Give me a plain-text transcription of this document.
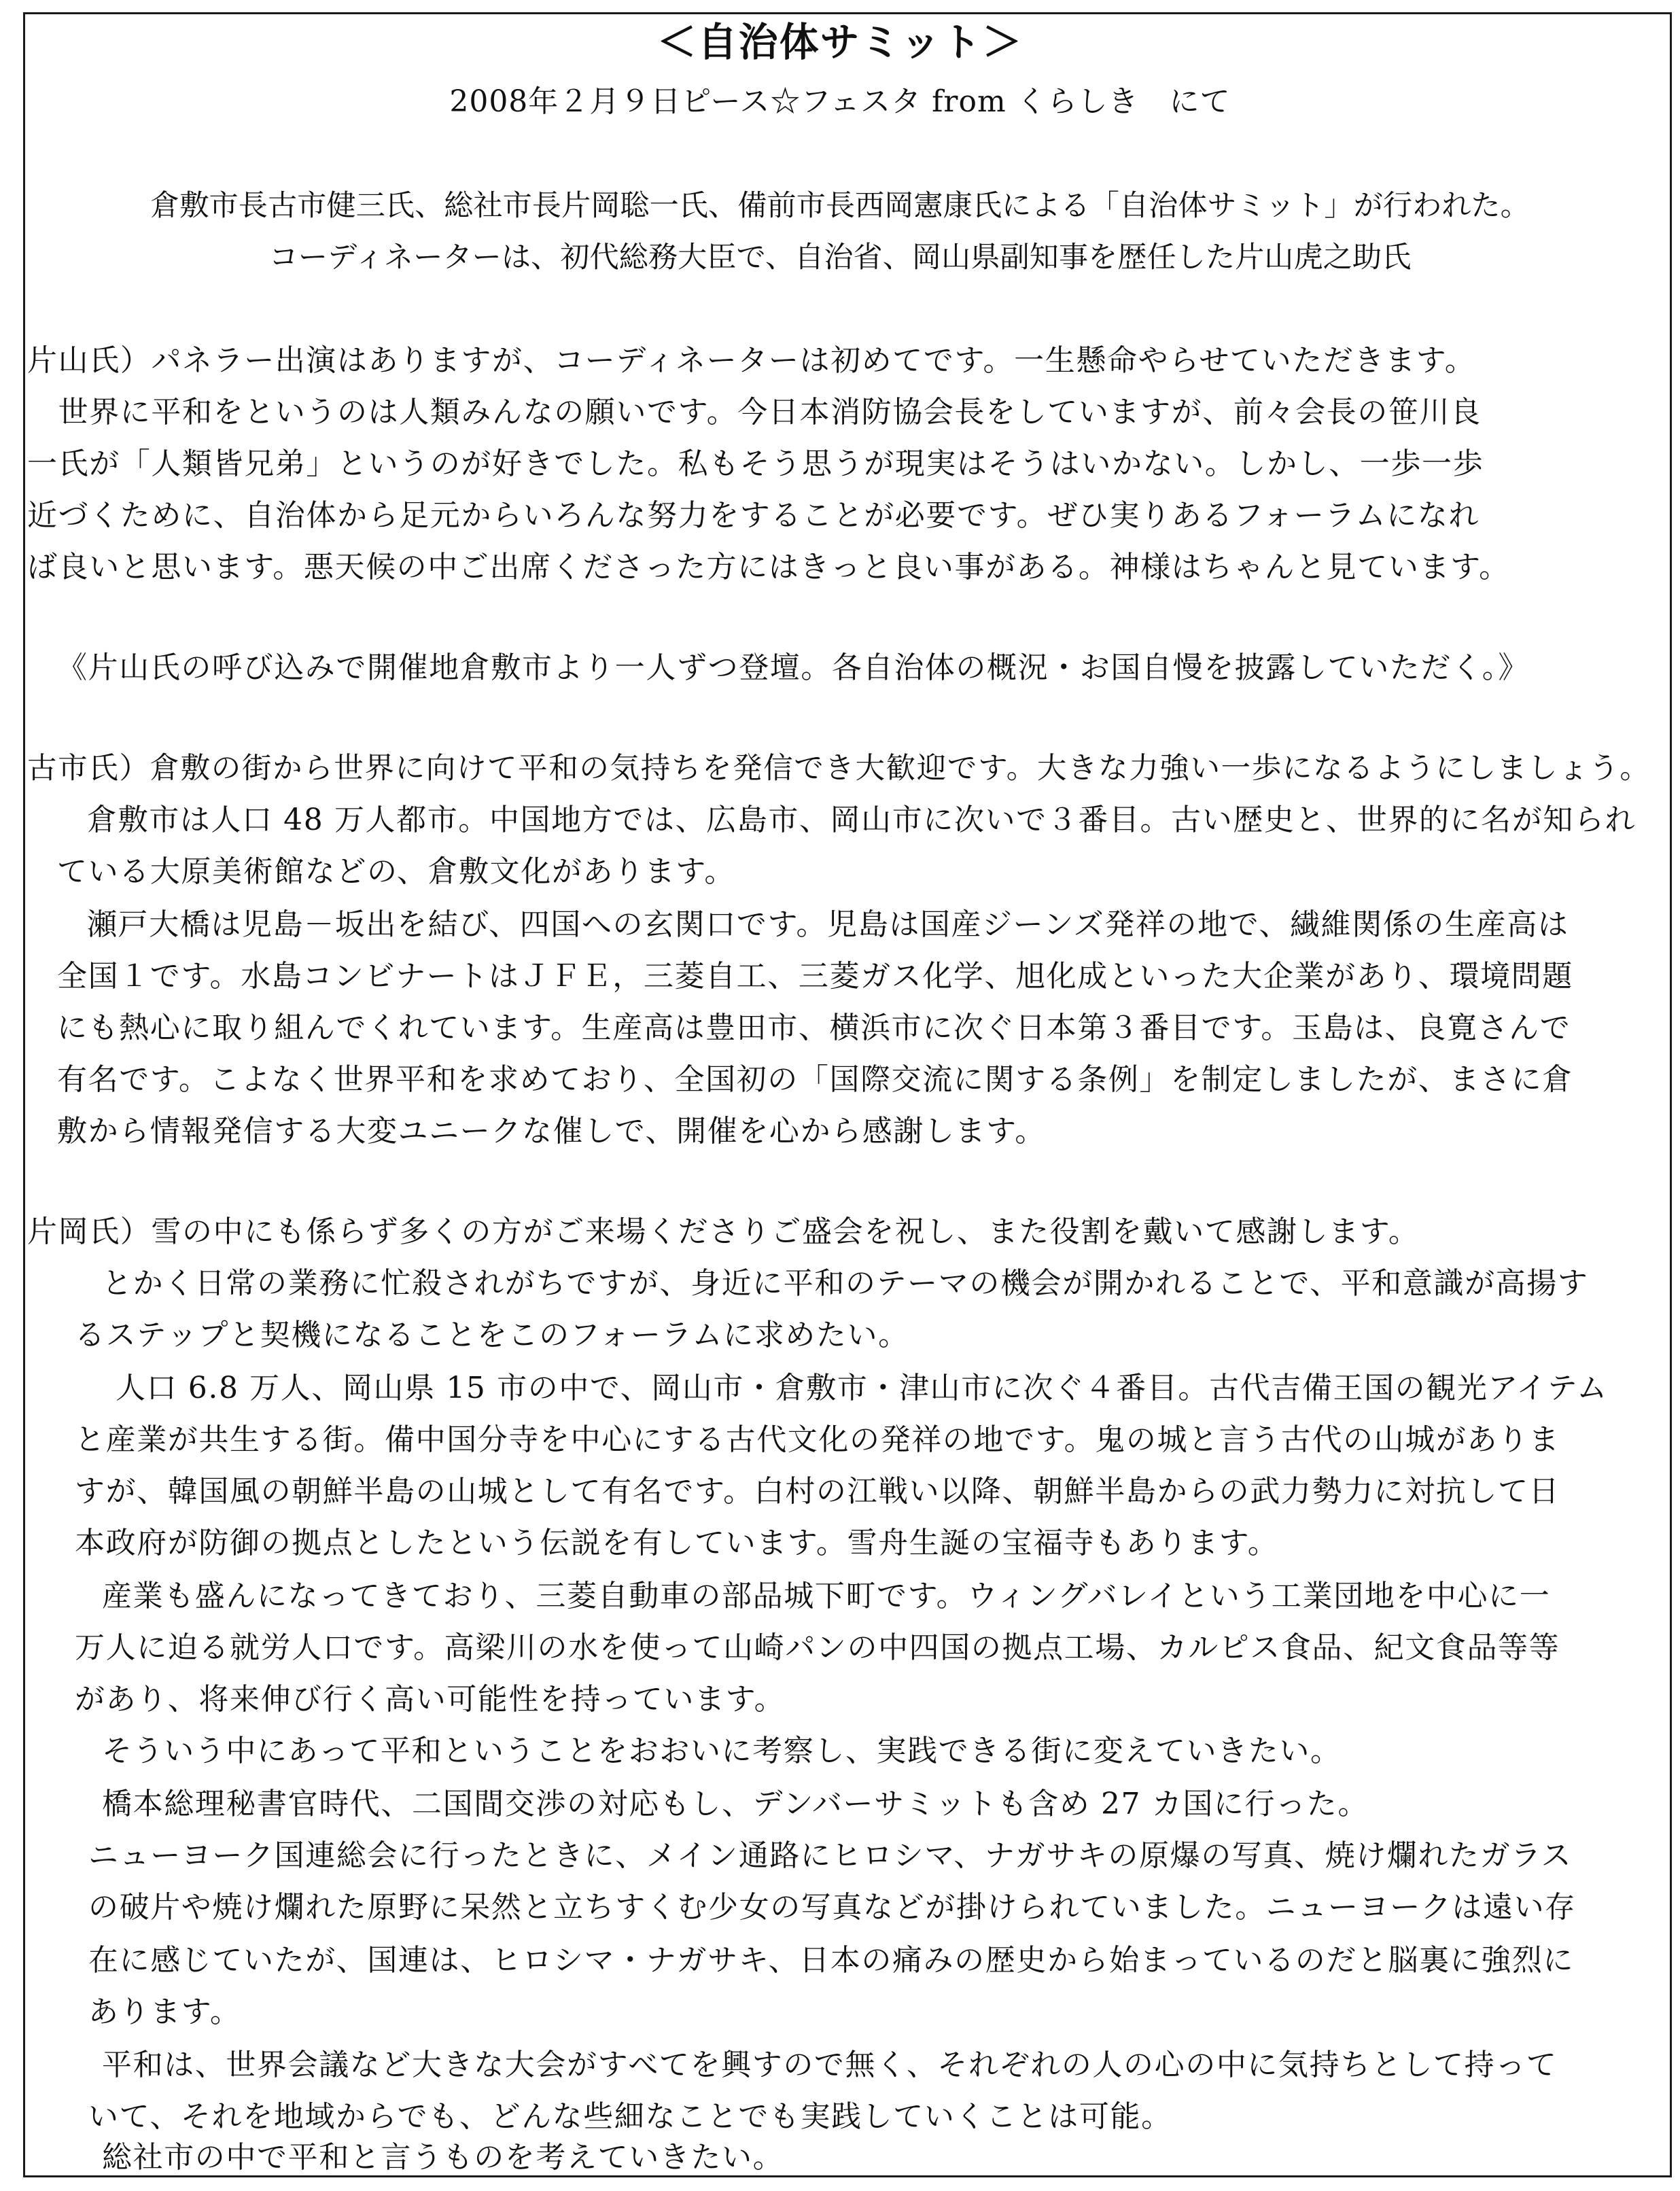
＜自治体サミット＞
2008年２月９日ピース☆フェスタ from くらしき　にて
倉敷市長古市健三氏、総社市長片岡聡一氏、備前市長西岡憲康氏による「自治体サミット」が行われた。
コーディネーターは、初代総務大臣で、自治省、岡山県副知事を歴任した片山虎之助氏
片山氏）パネラー出演はありますが、コーディネーターは初めてです。一生懸命やらせていただきます。
　世界に平和をというのは人類みんなの願いです。今日本消防協会長をしていますが、前々会長の笹川良
一氏が「人類皆兄弟」というのが好きでした。私もそう思うが現実はそうはいかない。しかし、一歩一歩
近づくために、自治体から足元からいろんな努力をすることが必要です。ぜひ実りあるフォーラムになれ
ば良いと思います。悪天候の中ご出席くださった方にはきっと良い事がある。神様はちゃんと見ています。
《片山氏の呼び込みで開催地倉敷市より一人ずつ登壇。各自治体の概況・お国自慢を披露していただく。》
古市氏）倉敷の街から世界に向けて平和の気持ちを発信でき大歓迎です。大きな力強い一歩になるようにしましょう。
倉敷市は人口 48 万人都市。中国地方では、広島市、岡山市に次いで３番目。古い歴史と、世界的に名が知られ
ている大原美術館などの、倉敷文化があります。
瀬戸大橋は児島－坂出を結び、四国への玄関口です。児島は国産ジーンズ発祥の地で、繊維関係の生産高は
全国１です。水島コンビナートはＪＦＥ，三菱自工、三菱ガス化学、旭化成といった大企業があり、環境問題
にも熱心に取り組んでくれています。生産高は豊田市、横浜市に次ぐ日本第３番目です。玉島は、良寛さんで
有名です。こよなく世界平和を求めており、全国初の「国際交流に関する条例」を制定しましたが、まさに倉
敷から情報発信する大変ユニークな催しで、開催を心から感謝します。
片岡氏）雪の中にも係らず多くの方がご来場くださりご盛会を祝し、また役割を戴いて感謝します。
とかく日常の業務に忙殺されがちですが、身近に平和のテーマの機会が開かれることで、平和意識が高揚す
るステップと契機になることをこのフォーラムに求めたい。
人口 6.8 万人、岡山県 15 市の中で、岡山市・倉敷市・津山市に次ぐ４番目。古代吉備王国の観光アイテム
と産業が共生する街。備中国分寺を中心にする古代文化の発祥の地です。鬼の城と言う古代の山城がありま
すが、韓国風の朝鮮半島の山城として有名です。白村の江戦い以降、朝鮮半島からの武力勢力に対抗して日
本政府が防御の拠点としたという伝説を有しています。雪舟生誕の宝福寺もあります。
産業も盛んになってきており、三菱自動車の部品城下町です。ウィングバレイという工業団地を中心に一
万人に迫る就労人口です。高梁川の水を使って山崎パンの中四国の拠点工場、カルピス食品、紀文食品等等
があり、将来伸び行く高い可能性を持っています。
そういう中にあって平和ということをおおいに考察し、実践できる街に変えていきたい。
橋本総理秘書官時代、二国間交渉の対応もし、デンバーサミットも含め 27 カ国に行った。
ニューヨーク国連総会に行ったときに、メイン通路にヒロシマ、ナガサキの原爆の写真、焼け爛れたガラス
の破片や焼け爛れた原野に呆然と立ちすくむ少女の写真などが掛けられていました。ニューヨークは遠い存
在に感じていたが、国連は、ヒロシマ・ナガサキ、日本の痛みの歴史から始まっているのだと脳裏に強烈に
あります。
平和は、世界会議など大きな大会がすべてを興すので無く、それぞれの人の心の中に気持ちとして持って
いて、それを地域からでも、どんな些細なことでも実践していくことは可能。
総社市の中で平和と言うものを考えていきたい。
